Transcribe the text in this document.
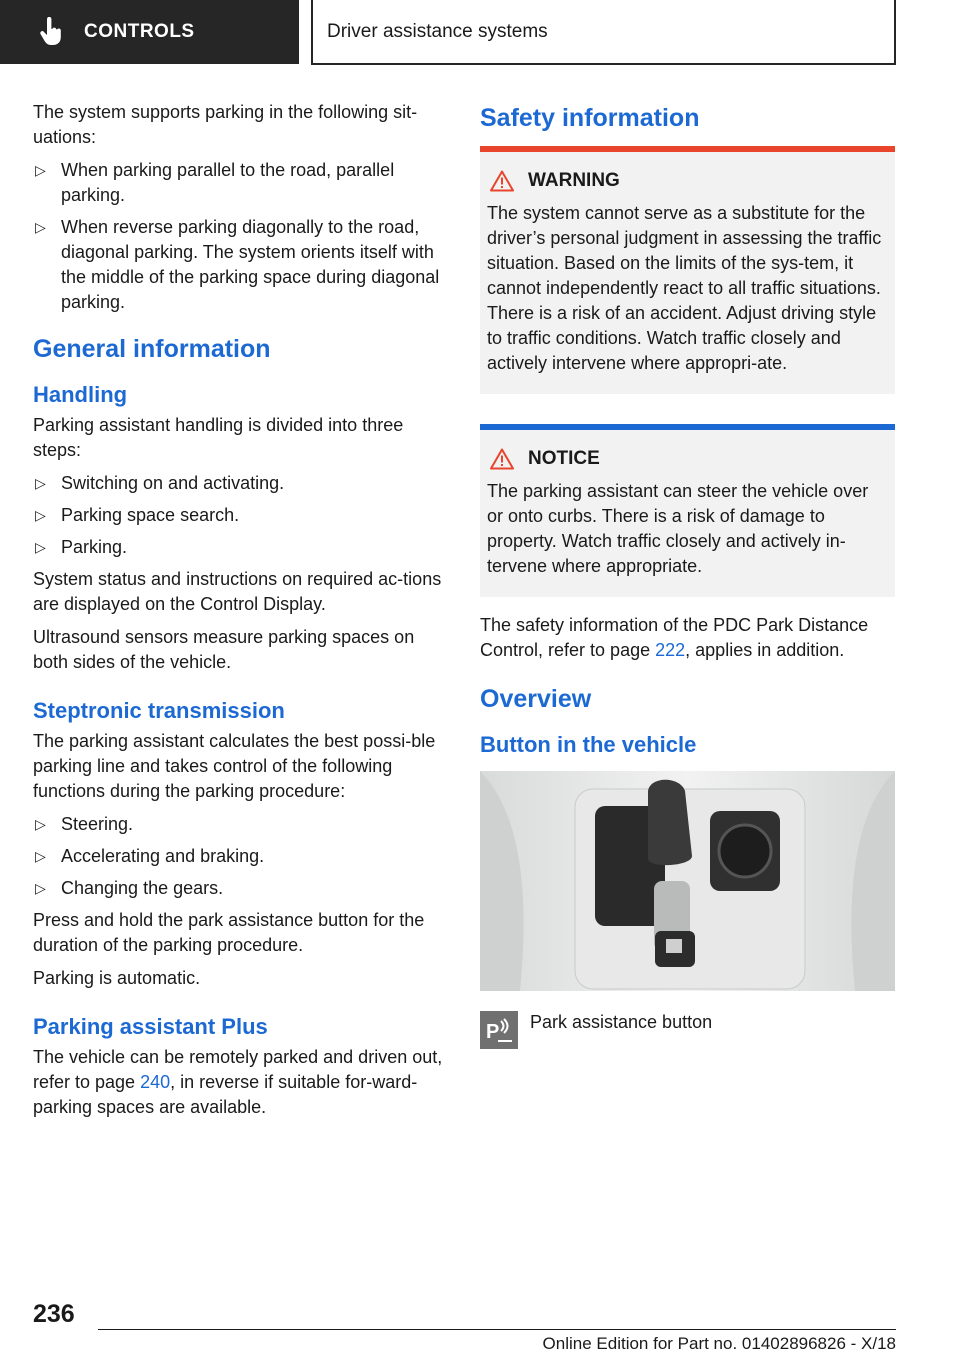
CONTROLS	Driver assistance systems

The system supports parking in the following sit‐uations:

▷ When parking parallel to the road, parallel parking.
▷ When reverse parking diagonally to the road, diagonal parking. The system orients itself with the middle of the parking space during diagonal parking.
General information
Handling

Parking assistant handling is divided into three steps:

▷ Switching on and activating.
▷ Parking space search.
▷ Parking.

System status and instructions on required ac‐tions are displayed on the Control Display.

Ultrasound sensors measure parking spaces on both sides of the vehicle.

Steptronic transmission

The parking assistant calculates the best possi‐ble parking line and takes control of the following functions during the parking procedure:

▷ Steering.
▷ Accelerating and braking.
▷ Changing the gears.

Press and hold the park assistance button for the duration of the parking procedure.

Parking is automatic.

Parking assistant Plus

The vehicle can be remotely parked and driven out, refer to page 240, in reverse if suitable for‐ward-parking spaces are available.

Safety information
WARNING
The system cannot serve as a substitute for the driver’s personal judgment in assessing the traffic situation. Based on the limits of the sys‐tem, it cannot independently react to all traffic situations. There is a risk of an accident. Adjust driving style to traffic conditions. Watch traffic closely and actively intervene where appropri‐ate.
NOTICE
The parking assistant can steer the vehicle over or onto curbs. There is a risk of damage to property. Watch traffic closely and actively in‐tervene where appropriate.

The safety information of the PDC Park Distance Control, refer to page 222, applies in addition.

Overview
Button in the vehicle
P Park assistance button
236
Online Edition for Part no. 01402896826 - X/18
